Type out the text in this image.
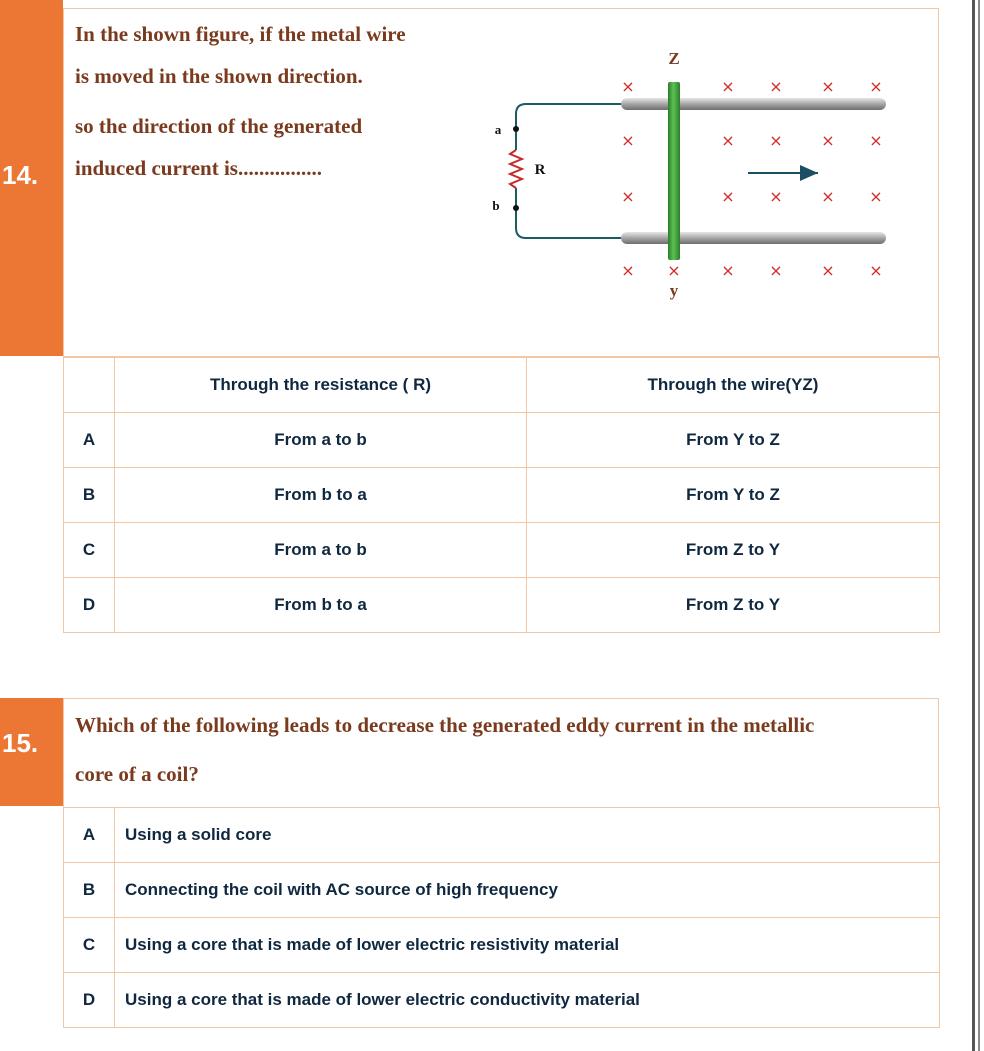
14.
In the shown figure, if the metal wire
is moved in the shown direction.
so the direction of the generated
induced current is................
Z
y
a
b
R
×	× × × ×
×	× × × ×
×	× × × ×
× ×	× × × ×
	Through the resistance ( R)	Through the wire(YZ)
A	From a to b	From Y to Z
B	From b to a	From Y to Z
C	From a to b	From Z to Y
D	From b to a	From Z to Y
15.
Which of the following leads to decrease the generated eddy current in the metallic
core of a coil?
A	Using a solid core
B	Connecting the coil with AC source of high frequency
C	Using a core that is made of lower electric resistivity material
D	Using a core that is made of lower electric conductivity material
